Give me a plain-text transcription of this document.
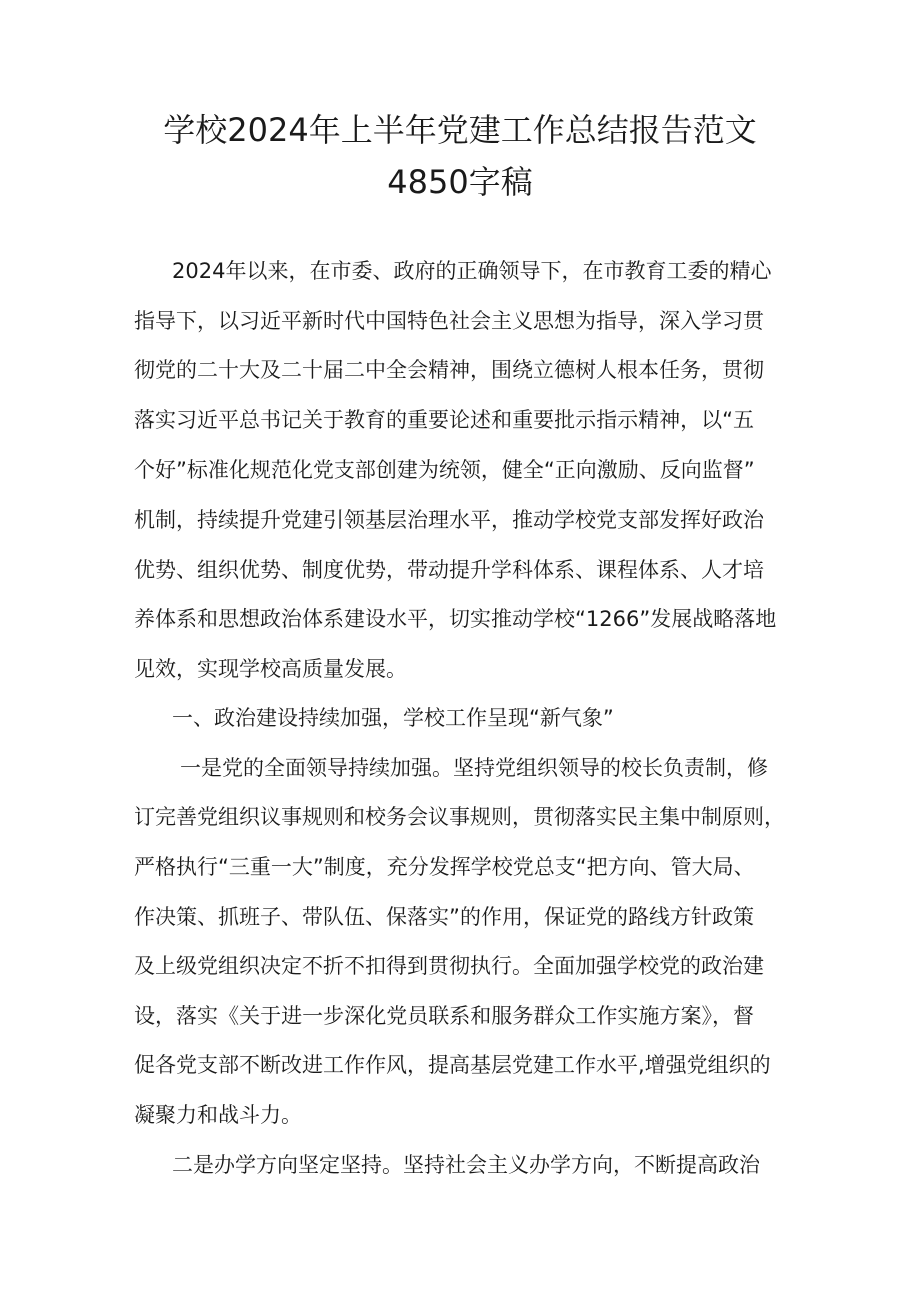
学校2024年上半年党建工作总结报告范文
4850字稿
2024年以来，在市委、政府的正确领导下，在市教育工委的精心
指导下，以习近平新时代中国特色社会主义思想为指导，深入学习贯
彻党的二十大及二十届二中全会精神，围绕立德树人根本任务，贯彻
落实习近平总书记关于教育的重要论述和重要批示指示精神，以“五
个好”标准化规范化党支部创建为统领，健全“正向激励、反向监督”
机制，持续提升党建引领基层治理水平，推动学校党支部发挥好政治
优势、组织优势、制度优势，带动提升学科体系、课程体系、人才培
养体系和思想政治体系建设水平，切实推动学校“1266”发展战略落地
见效，实现学校高质量发展。
一、政治建设持续加强，学校工作呈现“新气象”
一是党的全面领导持续加强。坚持党组织领导的校长负责制，修
订完善党组织议事规则和校务会议事规则，贯彻落实民主集中制原则，
严格执行“三重一大”制度，充分发挥学校党总支“把方向、管大局、
作决策、抓班子、带队伍、保落实”的作用，保证党的路线方针政策
及上级党组织决定不折不扣得到贯彻执行。全面加强学校党的政治建
设，落实《关于进一步深化党员联系和服务群众工作实施方案》，督
促各党支部不断改进工作作风，提高基层党建工作水平,增强党组织的
凝聚力和战斗力。
二是办学方向坚定坚持。坚持社会主义办学方向，不断提高政治
